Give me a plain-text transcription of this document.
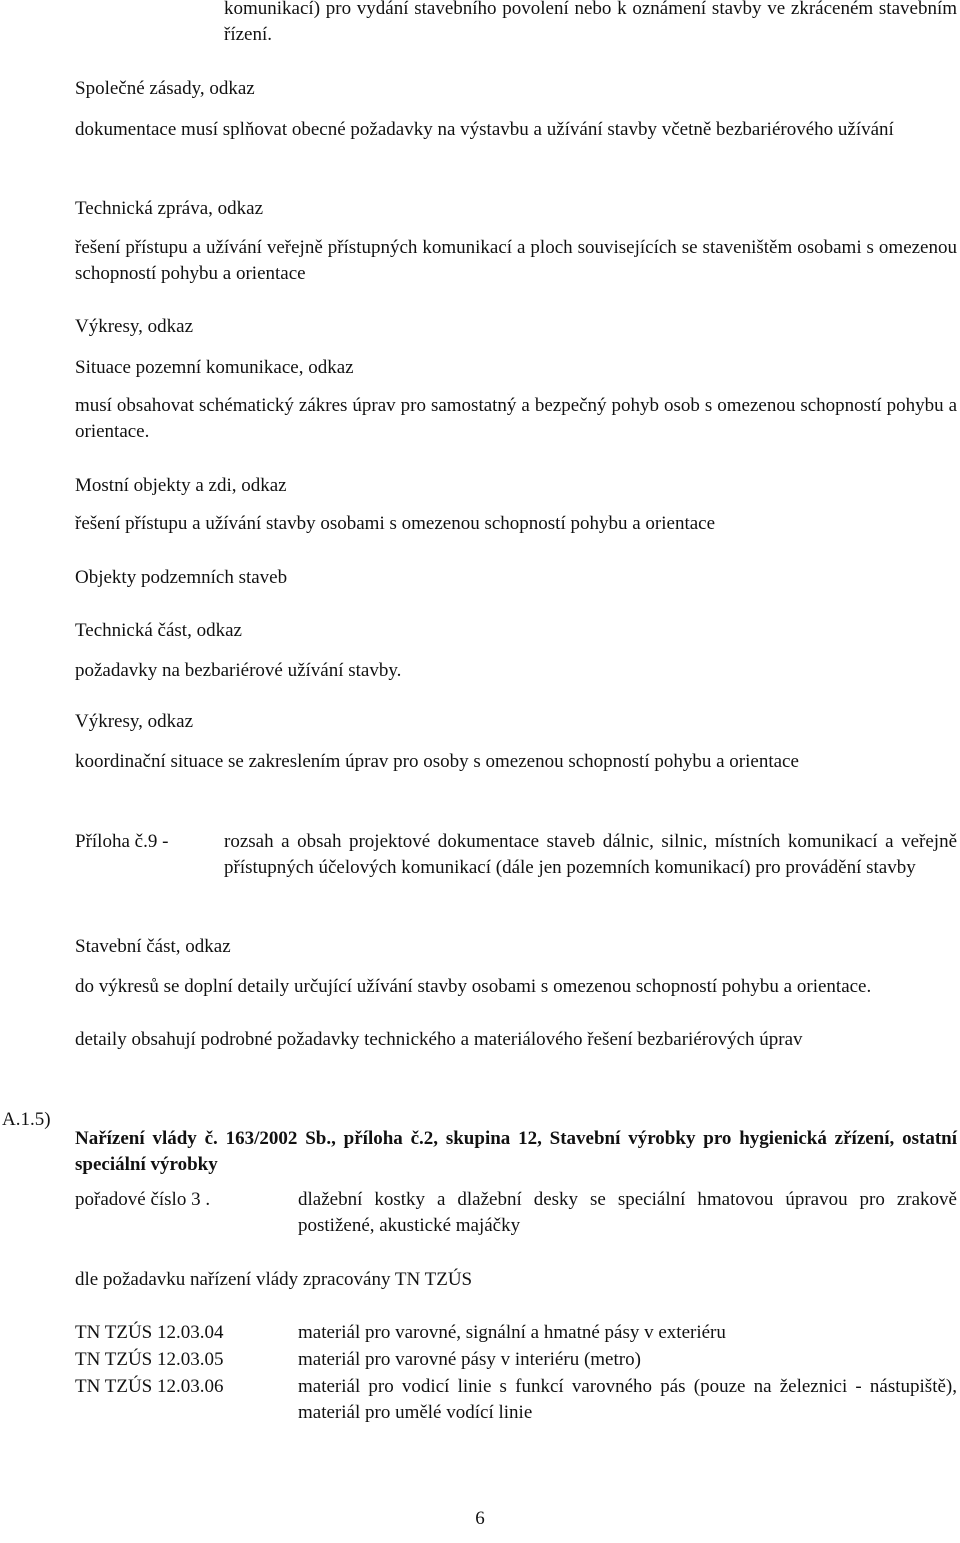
komunikací) pro vydání stavebního povolení nebo k oznámení stavby ve zkráceném stavebním řízení.

Společné zásady, odkaz

dokumentace musí splňovat obecné požadavky na výstavbu a užívání stavby včetně bezbariérového užívání

Technická zpráva, odkaz

řešení přístupu a užívání veřejně přístupných komunikací a ploch souvisejících se staveništěm osobami s omezenou schopností pohybu a orientace

Výkresy, odkaz

Situace pozemní komunikace, odkaz

musí obsahovat schématický zákres úprav pro samostatný a bezpečný pohyb osob s omezenou schopností pohybu a orientace.

Mostní objekty a zdi, odkaz

řešení přístupu a užívání stavby osobami s omezenou schopností pohybu a orientace

Objekty podzemních staveb

Technická část, odkaz

požadavky na bezbariérové užívání stavby.

Výkresy, odkaz

koordinační situace se zakreslením úprav pro osoby s omezenou schopností pohybu a orientace

Příloha č.9 -	rozsah a obsah projektové dokumentace staveb dálnic, silnic, místních komunikací a veřejně přístupných účelových komunikací (dále jen pozemních komunikací) pro provádění stavby

Stavební část, odkaz

do výkresů se doplní detaily určující užívání stavby osobami s omezenou schopností pohybu a orientace.

detaily obsahují podrobné požadavky technického a materiálového řešení bezbariérových úprav

A.1.5)

Nařízení vlády č. 163/2002 Sb., příloha č.2, skupina 12, Stavební výrobky pro hygienická zřízení, ostatní speciální výrobky

pořadové číslo 3 .	dlažební kostky a dlažební desky se speciální hmatovou úpravou pro zrakově postižené, akustické majáčky

dle požadavku nařízení vlády zpracovány TN TZÚS

TN TZÚS 12.03.04	materiál pro varovné, signální a hmatné pásy v exteriéru
TN TZÚS 12.03.05	materiál pro varovné pásy v interiéru (metro)
TN TZÚS 12.03.06	materiál pro vodicí linie s funkcí varovného pás (pouze na železnici - nástupiště), materiál pro umělé vodící linie
6
